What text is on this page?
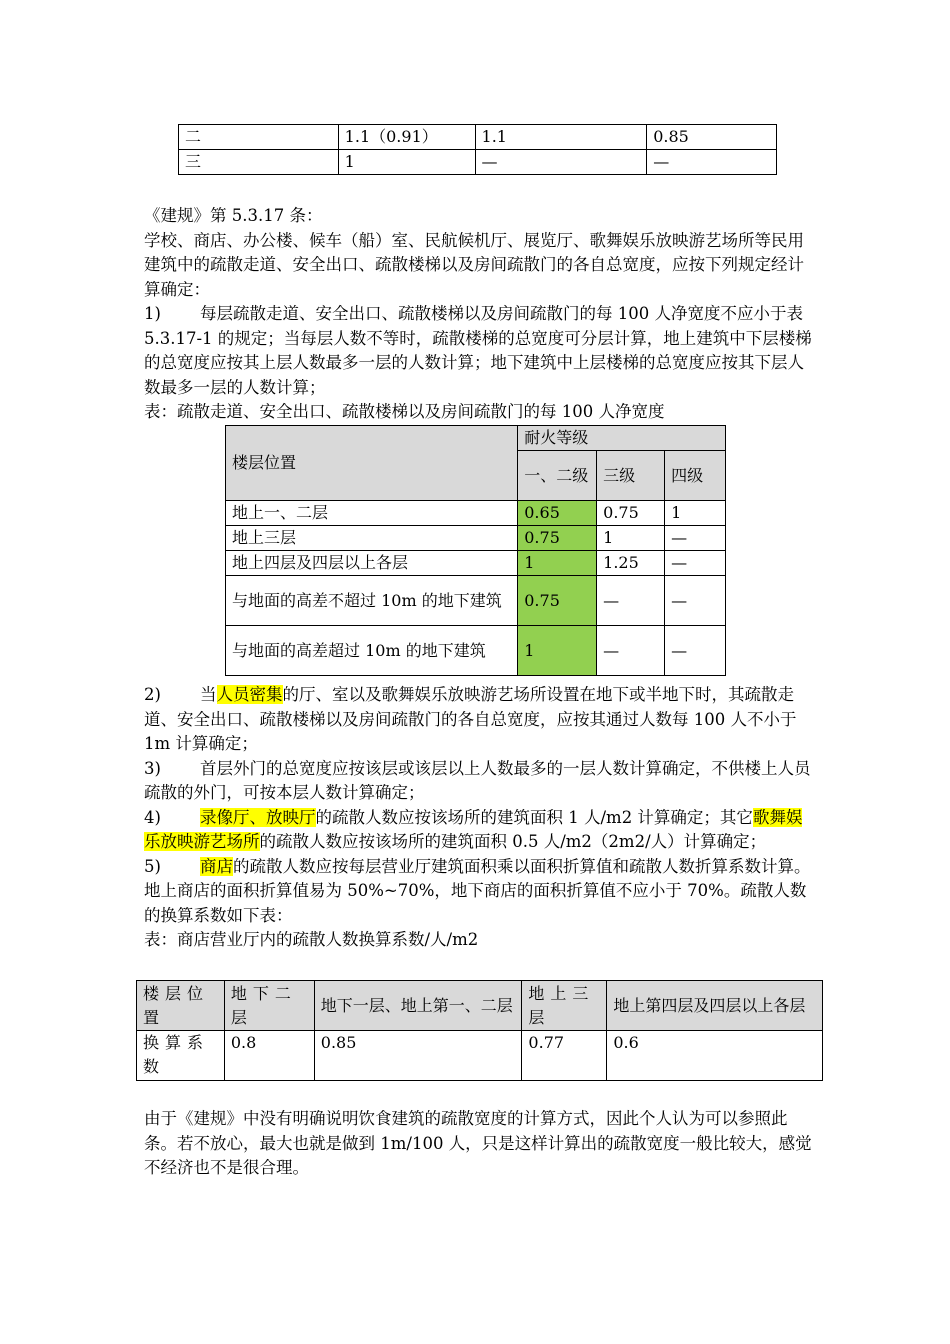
二	1.1（0.91）	1.1	0.85
三	1	—	—

《建规》第 5.3.17 条：

学校、商店、办公楼、候车（船）室、民航候机厅、展览厅、歌舞娱乐放映游艺场所等民用建筑中的疏散走道、安全出口、疏散楼梯以及房间疏散门的各自总宽度，应按下列规定经计算确定：

1) 每层疏散走道、安全出口、疏散楼梯以及房间疏散门的每 100 人净宽度不应小于表 5.3.17-1 的规定；当每层人数不等时，疏散楼梯的总宽度可分层计算，地上建筑中下层楼梯的总宽度应按其上层人数最多一层的人数计算；地下建筑中上层楼梯的总宽度应按其下层人数最多一层的人数计算；

表：疏散走道、安全出口、疏散楼梯以及房间疏散门的每 100 人净宽度

楼层位置	耐火等级		
	一、二级	三级	四级
地上一、二层	0.65	0.75	1
地上三层	0.75	1	—
地上四层及四层以上各层	1	1.25	—
与地面的高差不超过 10m 的地下建筑	0.75	—	—
与地面的高差超过 10m 的地下建筑	1	—	—

2) 当人员密集的厅、室以及歌舞娱乐放映游艺场所设置在地下或半地下时，其疏散走道、安全出口、疏散楼梯以及房间疏散门的各自总宽度，应按其通过人数每 100 人不小于 1m 计算确定；

3) 首层外门的总宽度应按该层或该层以上人数最多的一层人数计算确定，不供楼上人员疏散的外门，可按本层人数计算确定；

4) 录像厅、放映厅的疏散人数应按该场所的建筑面积 1 人/m2 计算确定；其它歌舞娱乐放映游艺场所的疏散人数应按该场所的建筑面积 0.5 人/m2（2m2/人）计算确定；

5) 商店的疏散人数应按每层营业厅建筑面积乘以面积折算值和疏散人数折算系数计算。地上商店的面积折算值易为 50%~70%，地下商店的面积折算值不应小于 70%。疏散人数的换算系数如下表：

表：商店营业厅内的疏散人数换算系数/人/m2

楼层位置	地下二层	地下一层、地上第一、二层	地上三层	地上第四层及四层以上各层
换算系数	0.8	0.85	0.77	0.6

由于《建规》中没有明确说明饮食建筑的疏散宽度的计算方式，因此个人认为可以参照此条。若不放心，最大也就是做到 1m/100 人，只是这样计算出的疏散宽度一般比较大，感觉不经济也不是很合理。
